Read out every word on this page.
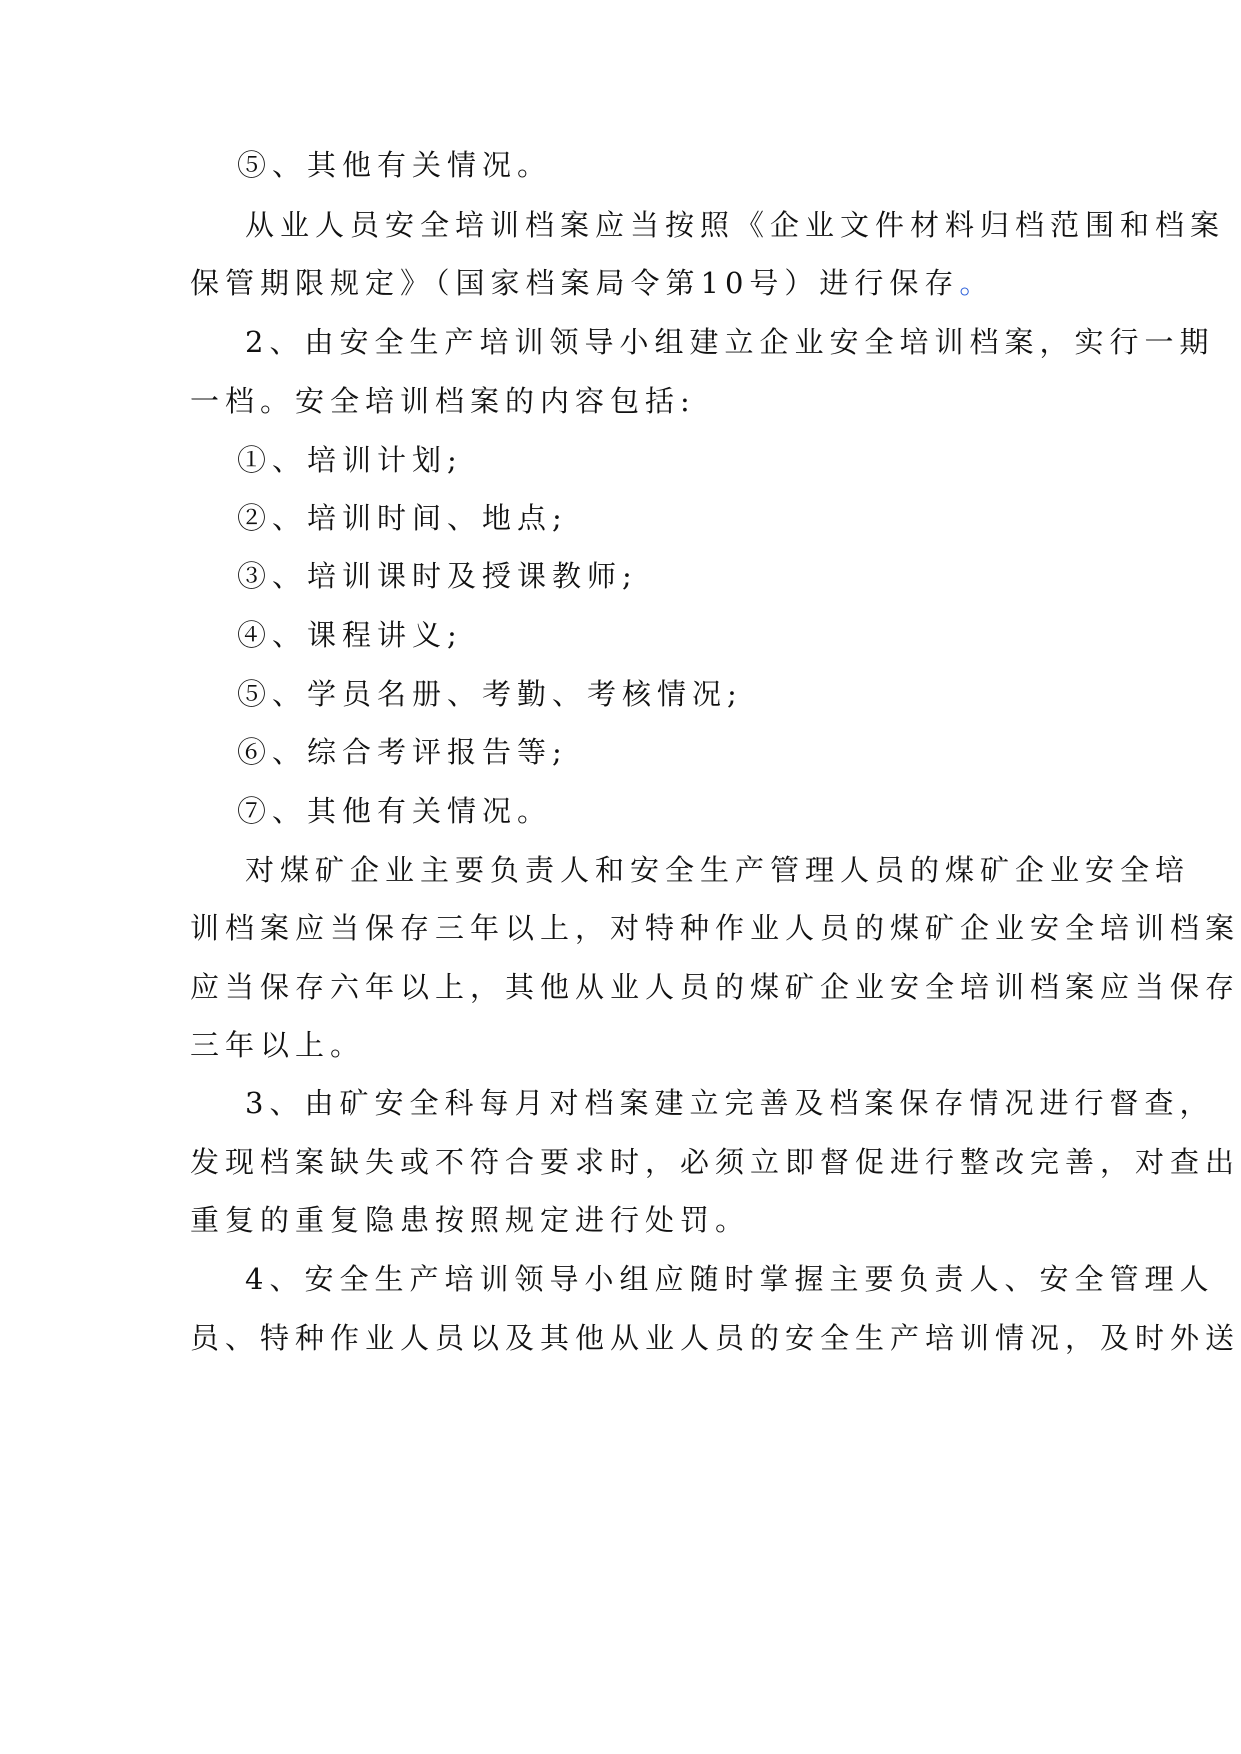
⑤、其他有关情况。
从业人员安全培训档案应当按照《企业文件材料归档范围和档案
保管期限规定》（国家档案局令第10号）进行保存。
2、由安全生产培训领导小组建立企业安全培训档案，实行一期
一档。安全培训档案的内容包括:
①、培训计划;
②、培训时间、地点;
③、培训课时及授课教师;
④、课程讲义;
⑤、学员名册、考勤、考核情况;
⑥、综合考评报告等;
⑦、其他有关情况。
对煤矿企业主要负责人和安全生产管理人员的煤矿企业安全培
训档案应当保存三年以上，对特种作业人员的煤矿企业安全培训档案
应当保存六年以上，其他从业人员的煤矿企业安全培训档案应当保存
三年以上。
3、由矿安全科每月对档案建立完善及档案保存情况进行督查，
发现档案缺失或不符合要求时，必须立即督促进行整改完善，对查出
重复的重复隐患按照规定进行处罚。
4、安全生产培训领导小组应随时掌握主要负责人、安全管理人
员、特种作业人员以及其他从业人员的安全生产培训情况，及时外送
